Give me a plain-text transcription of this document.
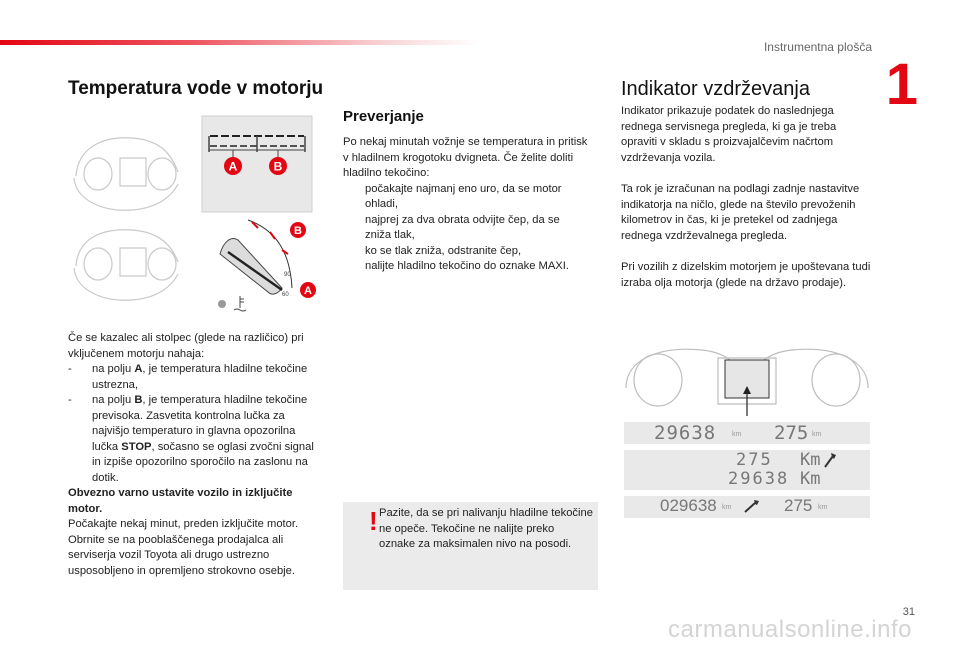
Instrumentna plošča
1
Temperatura vode v motorju
A	B
90
60
B
A

Če se kazalec ali stolpec (glede na različico) pri vključenem motorju nahaja:

-	na polju A, je temperatura hladilne tekočine ustrezna,
-	na polju B, je temperatura hladilne tekočine previsoka. Zasvetita kontrolna lučka za najvišjo temperaturo in glavna opozorilna lučka STOP, sočasno se oglasi zvočni signal in izpiše opozorilno sporočilo na zaslonu na dotik.

Obvezno varno ustavite vozilo in izključite motor.

Počakajte nekaj minut, preden izključite motor. Obrnite se na pooblaščenega prodajalca ali serviserja vozil Toyota ali drugo ustrezno usposobljeno in opremljeno strokovno osebje.

Preverjanje

Po nekaj minutah vožnje se temperatura in pritisk v hladilnem krogotoku dvigneta. Če želite doliti hladilno tekočino:

počakajte najmanj eno uro, da se motor ohladi,
najprej za dva obrata odvijte čep, da se zniža tlak,
ko se tlak zniža, odstranite čep,
nalijte hladilno tekočino do oznake MAXI.
! Pazite, da se pri nalivanju hladilne tekočine ne opeče. Tekočine ne nalijte preko oznake za maksimalen nivo na posodi.
Indikator vzdrževanja

Indikator prikazuje podatek do naslednjega rednega servisnega pregleda, ki ga je treba opraviti v skladu s proizvajalčevim načrtom vzdrževanja vozila.

Ta rok je izračunan na podlagi zadnje nastavitve indikatorja na ničlo, glede na število prevoženih kilometrov in čas, ki je pretekel od zadnjega rednega vzdrževalnega pregleda.

Pri vozilih z dizelskim motorjem je upoštevana tudi izraba olja motorja (glede na državo prodaje).

29638 km 275 km
275 Km
29638 Km
029638 km	275 km
31
carmanualsonline.info
